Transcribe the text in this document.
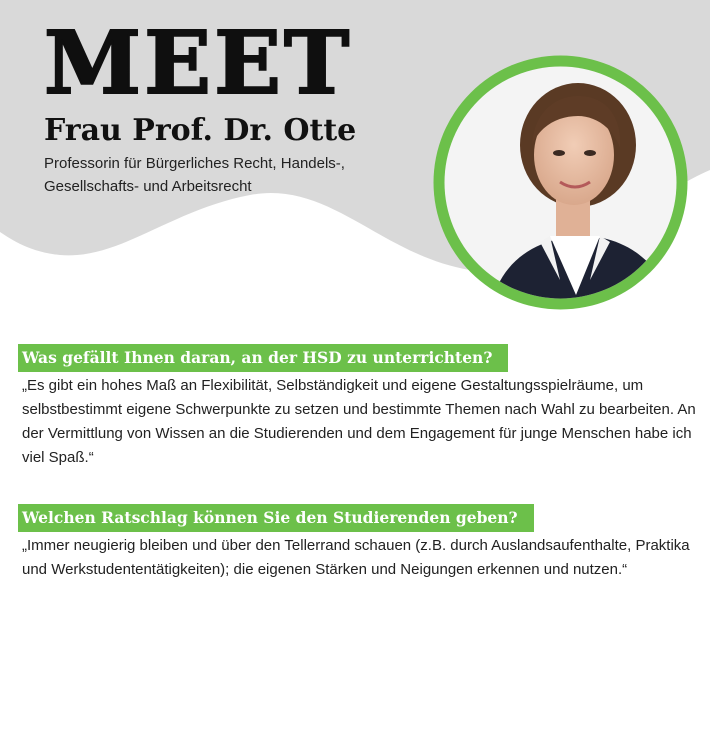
MEET
Frau Prof. Dr. Otte

Professorin für Bürgerliches Recht, Handels-, Gesellschafts- und Arbeitsrecht

Was gefällt Ihnen daran, an der HSD zu unterrichten?

„Es gibt ein hohes Maß an Flexibilität, Selbständigkeit und eigene Gestaltungsspielräume, um selbstbestimmt eigene Schwerpunkte zu setzen und bestimmte Themen nach Wahl zu bearbeiten. An der Vermittlung von Wissen an die Studierenden und dem Engagement für junge Menschen habe ich viel Spaß.“

Welchen Ratschlag können Sie den Studierenden geben?

„Immer neugierig bleiben und über den Tellerrand schauen (z.B. durch Auslandsaufenthalte, Praktika und Werkstudententätigkeiten); die eigenen Stärken und Neigungen erkennen und nutzen.“
